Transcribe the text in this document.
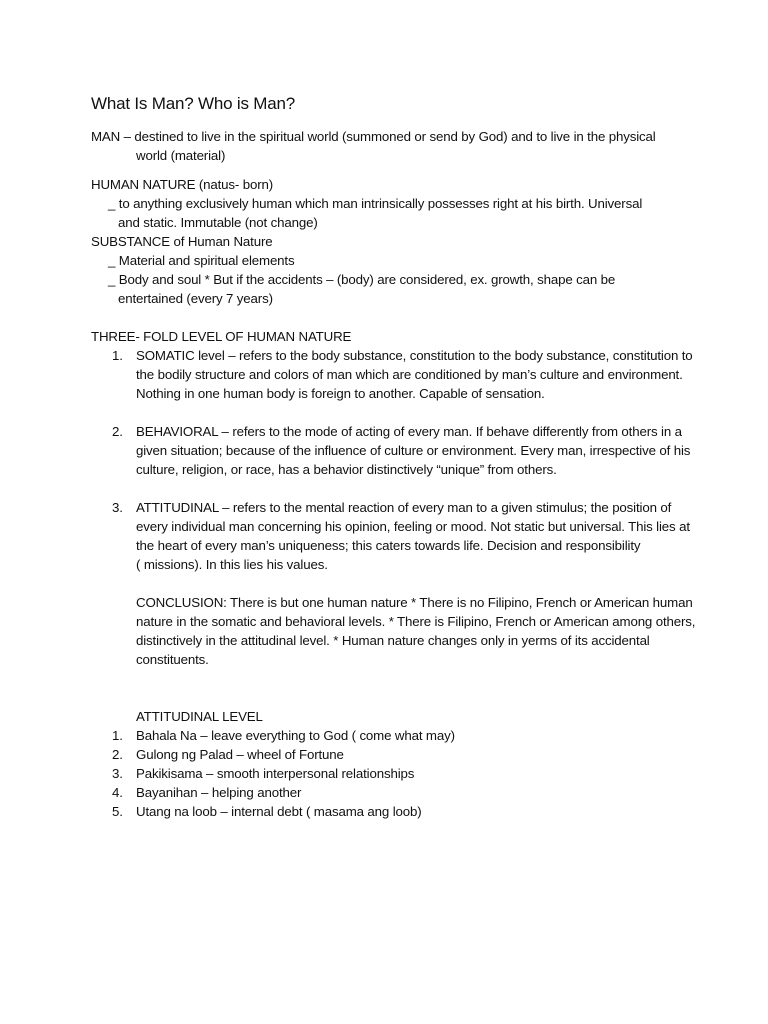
What Is Man? Who is Man?
MAN – destined to live in the spiritual world (summoned or send by God) and to live in the physical
world (material)
HUMAN NATURE (natus- born)
_ to anything exclusively human which man intrinsically possesses right at his birth. Universal
and static. Immutable (not change)
SUBSTANCE of Human Nature
_ Material and spiritual elements
_ Body and soul * But if the accidents – (body) are considered, ex. growth, shape can be
entertained (every 7 years)
THREE- FOLD LEVEL OF HUMAN NATURE
1. SOMATIC level – refers to the body substance, constitution to the body substance, constitution to
the bodily structure and colors of man which are conditioned by man’s culture and environment.
Nothing in one human body is foreign to another. Capable of sensation.
2. BEHAVIORAL – refers to the mode of acting of every man. If behave differently from others in a
given situation; because of the influence of culture or environment. Every man, irrespective of his
culture, religion, or race, has a behavior distinctively “unique” from others.
3. ATTITUDINAL – refers to the mental reaction of every man to a given stimulus; the position of
every individual man concerning his opinion, feeling or mood. Not static but universal. This lies at
the heart of every man’s uniqueness; this caters towards life. Decision and responsibility
( missions). In this lies his values.
CONCLUSION: There is but one human nature * There is no Filipino, French or American human
nature in the somatic and behavioral levels. * There is Filipino, French or American among others,
distinctively in the attitudinal level. * Human nature changes only in yerms of its accidental
constituents.
ATTITUDINAL LEVEL
1. Bahala Na – leave everything to God ( come what may)
2. Gulong ng Palad – wheel of Fortune
3. Pakikisama – smooth interpersonal relationships
4. Bayanihan – helping another
5. Utang na loob – internal debt ( masama ang loob)
